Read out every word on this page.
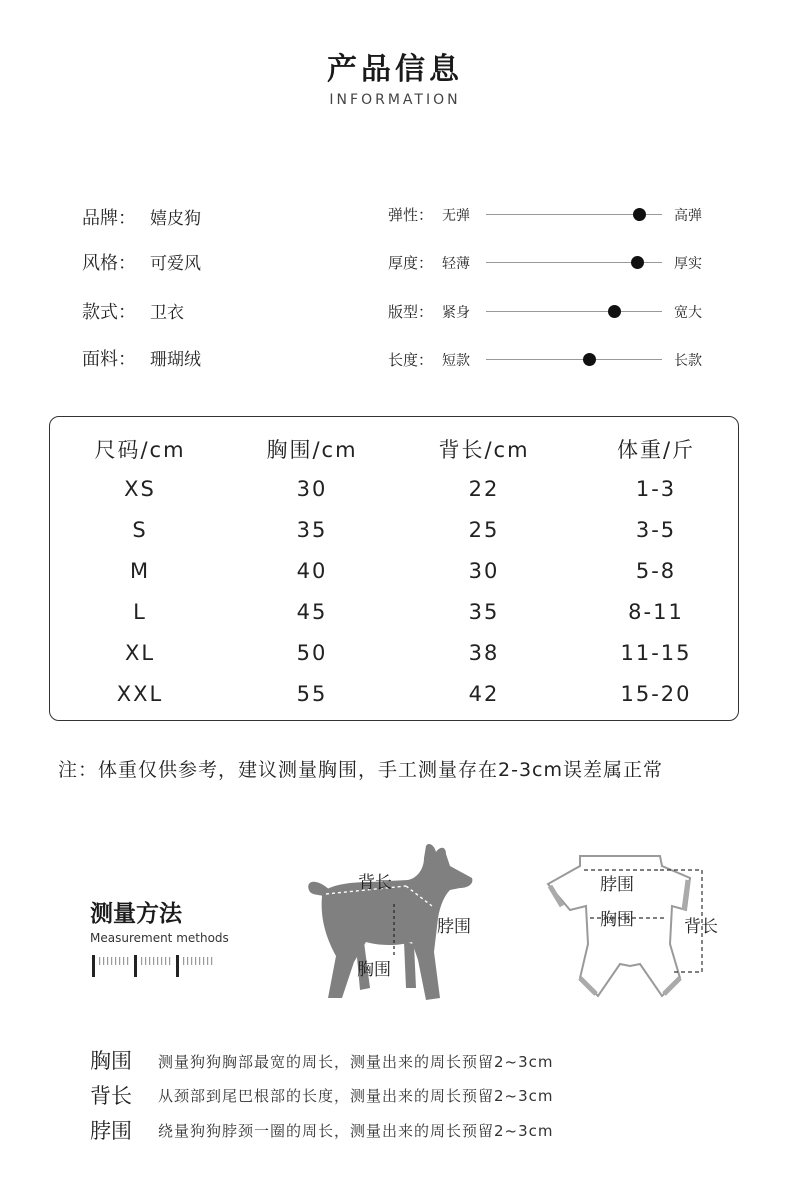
产品信息
INFORMATION
品牌： 嬉皮狗
风格： 可爱风
款式： 卫衣
面料： 珊瑚绒
弹性： 无弹	高弹
厚度： 轻薄	厚实
版型： 紧身	宽大
长度： 短款	长款
尺码/cm	胸围/cm	背长/cm	体重/斤
XS	30	22	1-3
S	35	25	3-5
M	40	30	5-8
L	45	35	8-11
XL	50	38	11-15
XXL	55	42	15-20
注：体重仅供参考，建议测量胸围，手工测量存在2-3cm误差属正常
测量方法
Measurement methods
背长
脖围
胸围
脖围
胸围	背长
胸围 测量狗狗胸部最宽的周长，测量出来的周长预留2~3cm
背长 从颈部到尾巴根部的长度，测量出来的周长预留2~3cm
脖围 绕量狗狗脖颈一圈的周长，测量出来的周长预留2~3cm
